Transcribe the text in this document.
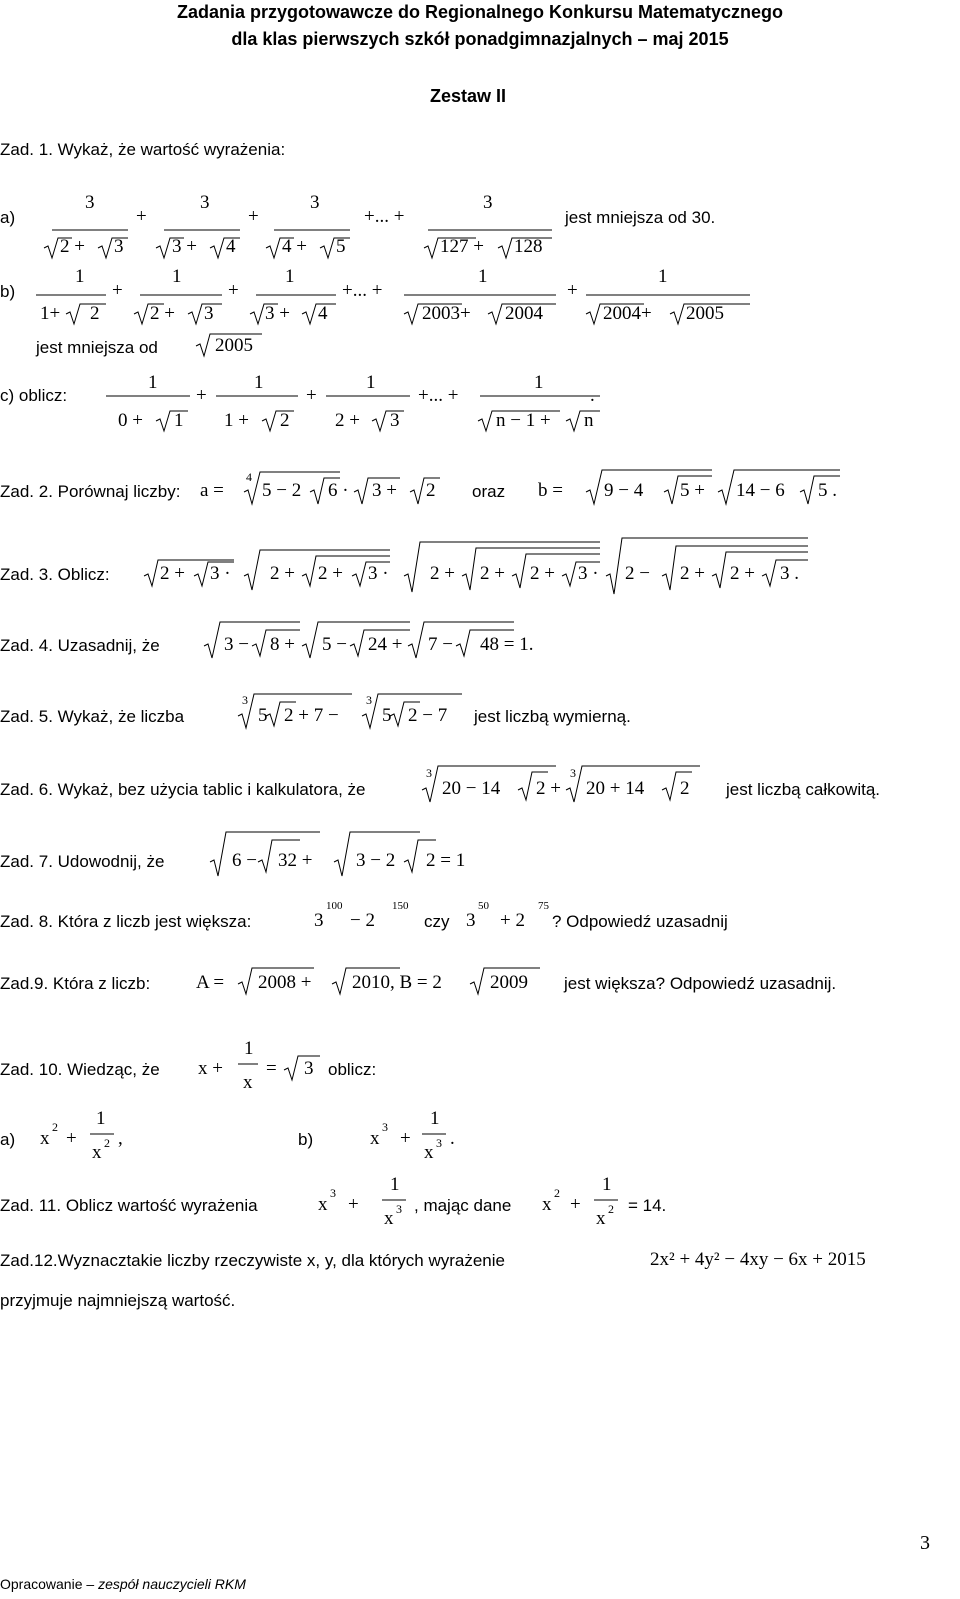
Zadania przygotowawcze do Regionalnego Konkursu Matematycznego
dla klas pierwszych szkół ponadgimnazjalnych – maj 2015
Zestaw II
Zad. 1. Wykaż, że wartość wyrażenia:
a)	jest mniejsza od 30.
b)
jest mniejsza od	2005
c) oblicz:
3	3	3	3
+	+	+... +
2 + 3	3 + 4 4 + 5	127 + 128
1	1	1	1	1
+	+	+... +	+
1+ 2	2 + 3	3 + 4	2003+ 2004	2004+ 2005
1	1	1	1
+	+	+... +	.
0 + 1 1 + 2 2 + 3	n − 1 + n
Zad. 2. Porównaj liczby: a =
4
5 − 2 6 · 3 + 2	b = 9 − 4 5 + 14 − 6 5 .
oraz
Zad. 3. Oblicz:	2 + 3 · 2 + 2 + 3 · 2 + 2 + 2 + 3 · 2 − 2 + 2 + 3 .
Zad. 4. Uzasadnij, że	3 − 8 + 5 − 24 + 7 − 48 = 1.
Zad. 5. Wykaż, że liczba
3
5 2 + 7 −
3
5 2 − 7 jest liczbą wymierną.
Zad. 6. Wykaż, bez użycia tablic i kalkulatora, że
3
20 − 14 2 +
3
20 + 14 2 jest liczbą całkowitą.
Zad. 7. Udowodnij, że	6 − 32 + 3 − 2 2 = 1
Zad. 8. Która z liczb jest większa:	3
100
− 2
150
czy 3
50
+ 2
75
? Odpowiedź uzasadnij
Zad.9. Która z liczb: A = 2008 + 2010, B = 2	2009 jest większa? Odpowiedź uzasadnij.
Zad. 10. Wiedząc, że x +
1
x
= 3 oblicz:
a) x
2
+
1
x 2 ,	b)	x
3
+
1
x 3 .
Zad. 11. Oblicz wartość wyrażenia	x
3
+
1
x 3 , mając dane x
2
+
1
x 2 = 14.
Zad.12.Wyznacztakie liczby rzeczywiste x, y, dla których wyrażenie	2x² + 4y² − 4xy − 6x + 2015
przyjmuje najmniejszą wartość.
3
Opracowanie – zespół nauczycieli RKM
